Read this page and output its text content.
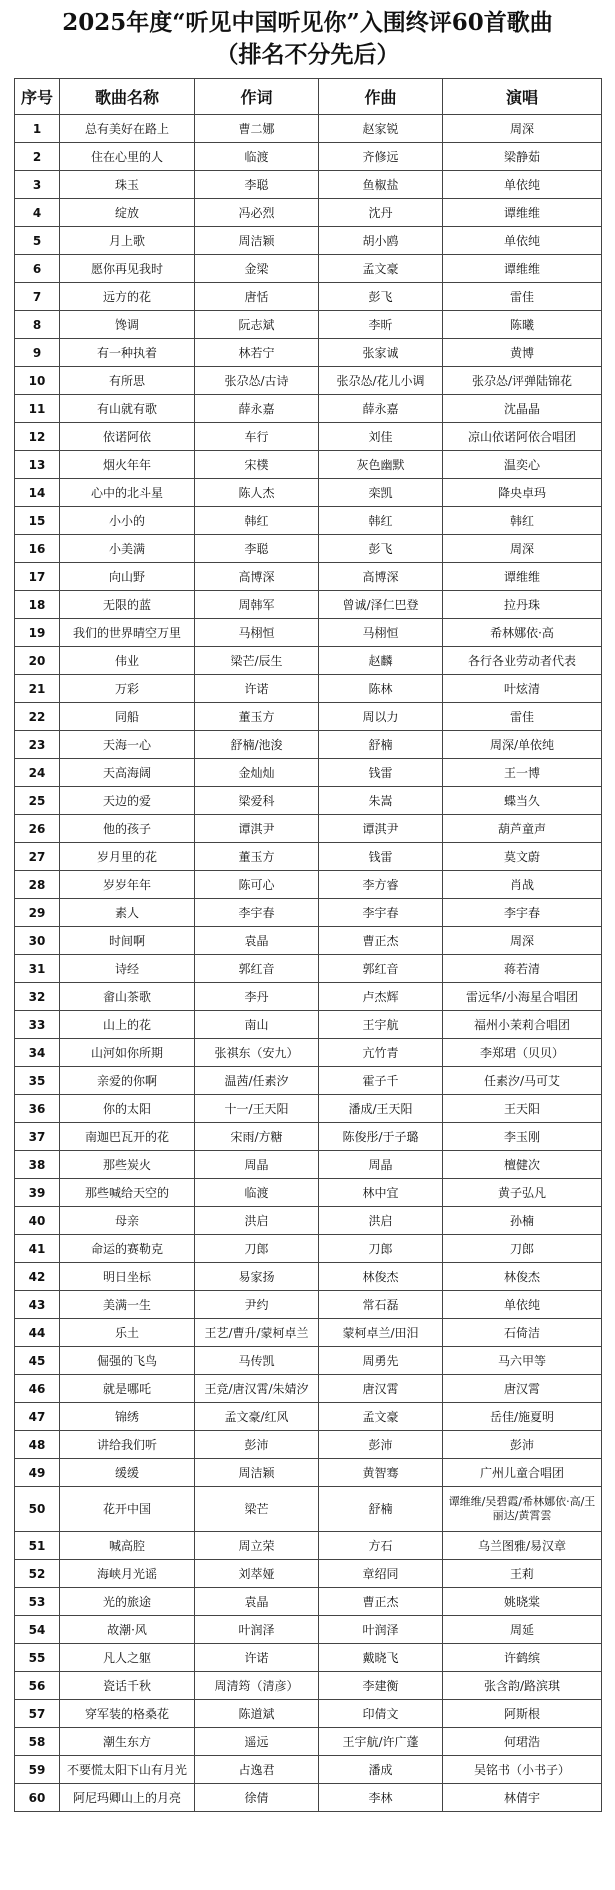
2025年度“听见中国听见你”入围终评60首歌曲
（排名不分先后）
序号	歌曲名称	作词	作曲	演唱
1	总有美好在路上	曹二娜	赵家锐	周深
2	住在心里的人	临渡	齐修远	梁静茹
3	珠玉	李聪	鱼椒盐	单依纯
4	绽放	冯必烈	沈丹	谭维维
5	月上歌	周洁颖	胡小鸥	单依纯
6	愿你再见我时	金梁	孟文豪	谭维维
7	远方的花	唐恬	彭飞	雷佳
8	馋调	阮志斌	李昕	陈曦
9	有一种执着	林若宁	张家诚	黄博
10	有所思	张尕怂/古诗	张尕怂/花儿小调	张尕怂/评弹陆锦花
11	有山就有歌	薛永嘉	薛永嘉	沈晶晶
12	依诺阿依	车行	刘佳	凉山依诺阿依合唱团
13	烟火年年	宋樸	灰色幽默	温奕心
14	心中的北斗星	陈人杰	栾凯	降央卓玛
15	小小的	韩红	韩红	韩红
16	小美满	李聪	彭飞	周深
17	向山野	高博深	高博深	谭维维
18	无限的蓝	周韩军	曾诚/泽仁巴登	拉丹珠
19	我们的世界晴空万里	马栩恒	马栩恒	希林娜依·高
20	伟业	梁芒/辰生	赵麟	各行各业劳动者代表
21	万彩	许诺	陈林	叶炫清
22	同船	董玉方	周以力	雷佳
23	天海一心	舒楠/池浚	舒楠	周深/单依纯
24	天高海阔	金灿灿	钱雷	王一博
25	天边的爱	梁爱科	朱嵩	蝶当久
26	他的孩子	谭淇尹	谭淇尹	葫芦童声
27	岁月里的花	董玉方	钱雷	莫文蔚
28	岁岁年年	陈可心	李方睿	肖战
29	素人	李宇春	李宇春	李宇春
30	时间啊	袁晶	曹正杰	周深
31	诗经	郭红音	郭红音	蒋若清
32	畲山茶歌	李丹	卢杰辉	雷远华/小海星合唱团
33	山上的花	南山	王宇航	福州小茉莉合唱团
34	山河如你所期	张祺东（安九）	亢竹青	李郑珺（贝贝）
35	亲爱的你啊	温茜/任素汐	霍子千	任素汐/马可艾
36	你的太阳	十一/王天阳	潘成/王天阳	王天阳
37	南迦巴瓦开的花	宋雨/方糖	陈俊彤/于子璐	李玉刚
38	那些炭火	周晶	周晶	檀健次
39	那些喊给天空的	临渡	林中宜	黄子弘凡
40	母亲	洪启	洪启	孙楠
41	命运的赛勒克	刀郎	刀郎	刀郎
42	明日坐标	易家扬	林俊杰	林俊杰
43	美满一生	尹约	常石磊	单依纯
44	乐土	王艺/曹升/蒙柯卓兰	蒙柯卓兰/田汨	石倚洁
45	倔强的飞鸟	马传凯	周勇先	马六甲等
46	就是哪吒	王竞/唐汉霄/朱婧汐	唐汉霄	唐汉霄
47	锦绣	孟文豪/红风	孟文豪	岳佳/施夏明
48	讲给我们听	彭沛	彭沛	彭沛
49	缓缓	周洁颖	黄智骞	广州儿童合唱团
50	花开中国	梁芒	舒楠	谭维维/吴碧霞/希林娜依·高/王丽达/黄霄雲
51	喊高腔	周立荣	方石	乌兰图雅/易汉章
52	海峡月光谣	刘萃娅	章绍同	王莉
53	光的旅途	袁晶	曹正杰	姚晓棠
54	故潮·风	叶润泽	叶润泽	周延
55	凡人之躯	许诺	戴晓飞	许鹤缤
56	瓷话千秋	周清筠（清彦）	李建衡	张含韵/路滨琪
57	穿军装的格桑花	陈道斌	印倩文	阿斯根
58	潮生东方	遥远	王宇航/许广蓬	何珺浩
59	不要慌太阳下山有月光	占逸君	潘成	吴铭书（小书子）
60	阿尼玛卿山上的月亮	徐倩	李林	林倩宇
